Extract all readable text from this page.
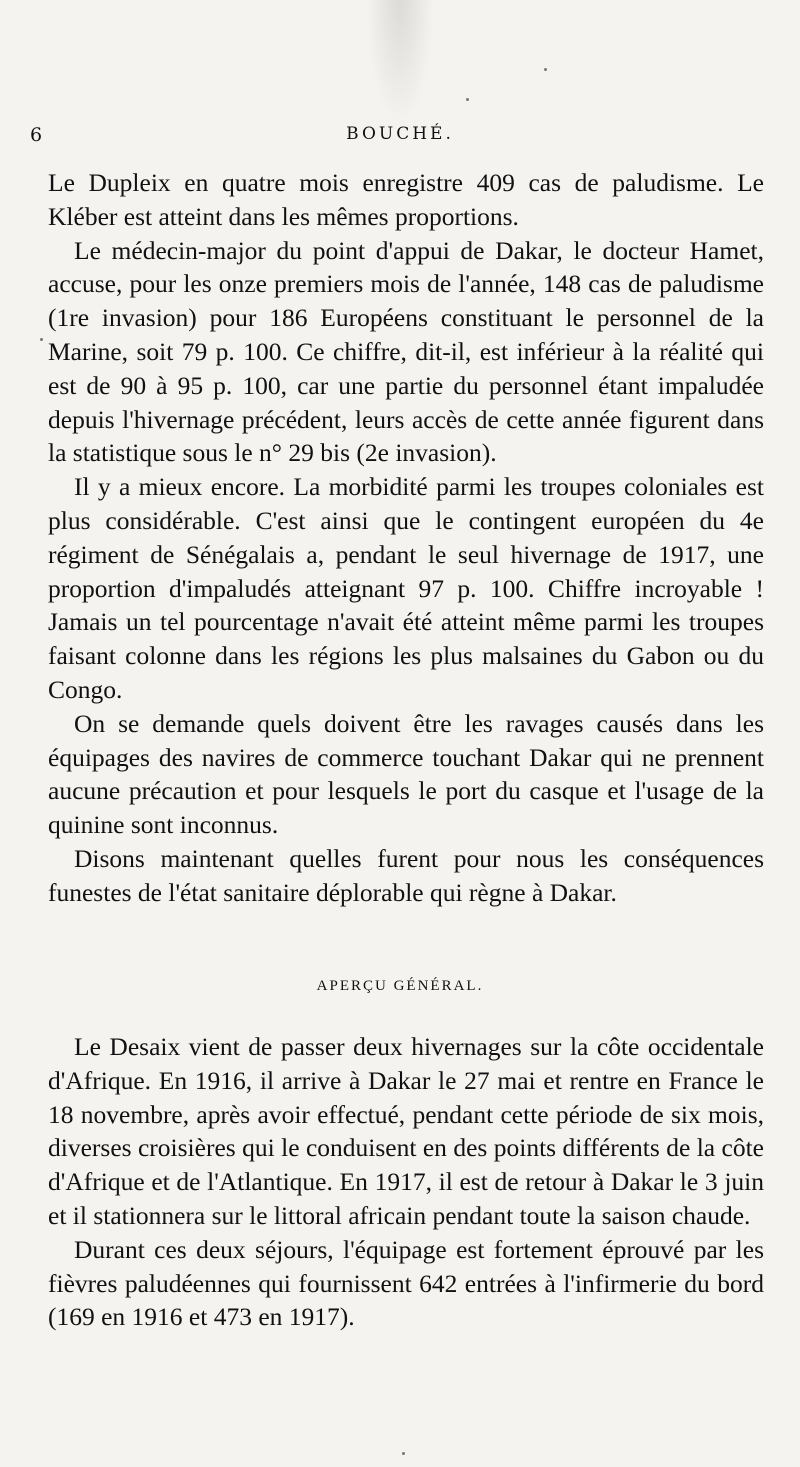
6	BOUCHÉ.

Le Dupleix en quatre mois enregistre 409 cas de paludisme. Le Kléber est atteint dans les mêmes proportions.

Le médecin-major du point d'appui de Dakar, le docteur Hamet, accuse, pour les onze premiers mois de l'année, 148 cas de paludisme (1re invasion) pour 186 Européens constituant le personnel de la Marine, soit 79 p. 100. Ce chiffre, dit-il, est inférieur à la réalité qui est de 90 à 95 p. 100, car une partie du personnel étant impaludée depuis l'hivernage précédent, leurs accès de cette année figurent dans la statistique sous le n° 29 bis (2e invasion).

Il y a mieux encore. La morbidité parmi les troupes coloniales est plus considérable. C'est ainsi que le contingent européen du 4e régiment de Sénégalais a, pendant le seul hivernage de 1917, une proportion d'impaludés atteignant 97 p. 100. Chiffre incroyable ! Jamais un tel pourcentage n'avait été atteint même parmi les troupes faisant colonne dans les régions les plus malsaines du Gabon ou du Congo.

On se demande quels doivent être les ravages causés dans les équipages des navires de commerce touchant Dakar qui ne prennent aucune précaution et pour lesquels le port du casque et l'usage de la quinine sont inconnus.

Disons maintenant quelles furent pour nous les conséquences funestes de l'état sanitaire déplorable qui règne à Dakar.

APERÇU GÉNÉRAL.

Le Desaix vient de passer deux hivernages sur la côte occidentale d'Afrique. En 1916, il arrive à Dakar le 27 mai et rentre en France le 18 novembre, après avoir effectué, pendant cette période de six mois, diverses croisières qui le conduisent en des points différents de la côte d'Afrique et de l'Atlantique. En 1917, il est de retour à Dakar le 3 juin et il stationnera sur le littoral africain pendant toute la saison chaude.

Durant ces deux séjours, l'équipage est fortement éprouvé par les fièvres paludéennes qui fournissent 642 entrées à l'infirmerie du bord (169 en 1916 et 473 en 1917).
